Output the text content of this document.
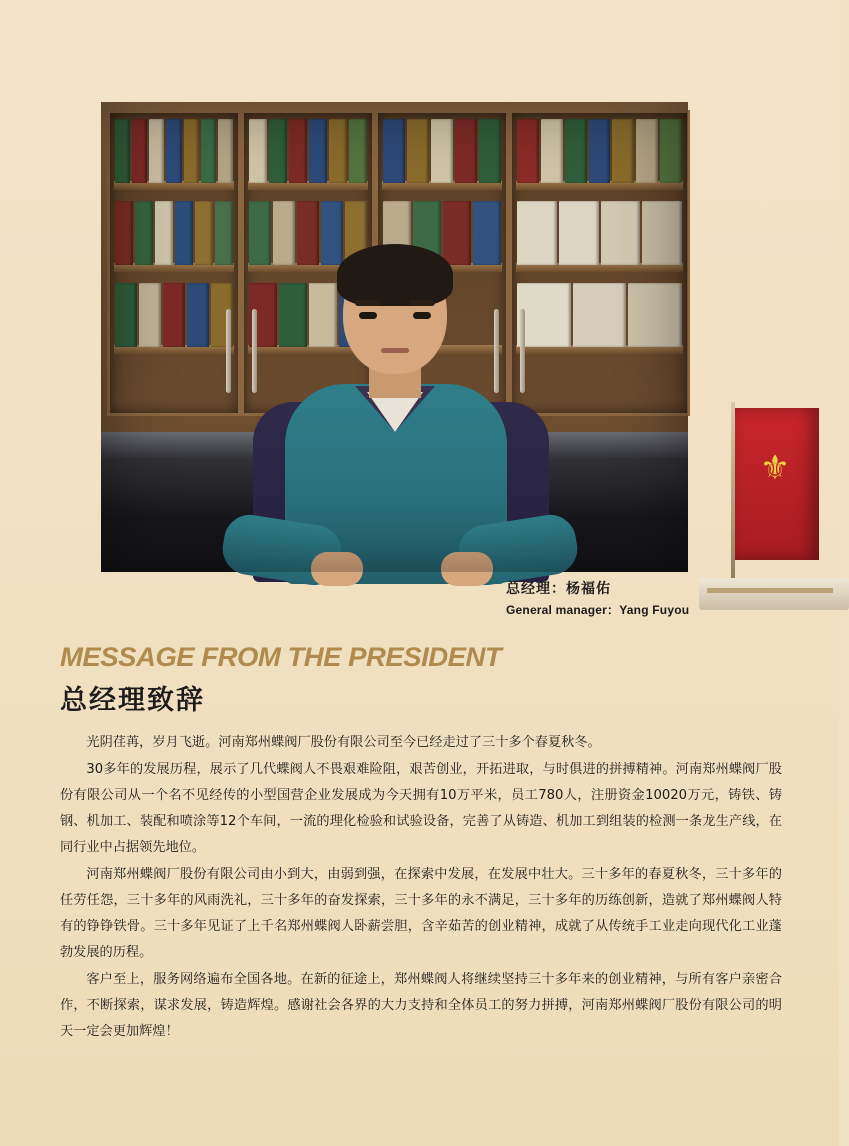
⚜
总经理：杨福佑
General manager：Yang Fuyou
MESSAGE FROM THE PRESIDENT
总经理致辞

光阴荏苒，岁月飞逝。河南郑州蝶阀厂股份有限公司至今已经走过了三十多个春夏秋冬。

30多年的发展历程，展示了几代蝶阀人不畏艰难险阻，艰苦创业，开拓进取，与时俱进的拼搏精神。河南郑州蝶阀厂股份有限公司从一个名不见经传的小型国营企业发展成为今天拥有10万平米，员工780人，注册资金10020万元，铸铁、铸钢、机加工、装配和喷涂等12个车间，一流的理化检验和试验设备，完善了从铸造、机加工到组装的检测一条龙生产线，在同行业中占据领先地位。

河南郑州蝶阀厂股份有限公司由小到大，由弱到强，在探索中发展，在发展中壮大。三十多年的春夏秋冬，三十多年的任劳任怨，三十多年的风雨洗礼，三十多年的奋发探索，三十多年的永不满足，三十多年的历练创新，造就了郑州蝶阀人特有的铮铮铁骨。三十多年见证了上千名郑州蝶阀人卧薪尝胆，含辛茹苦的创业精神，成就了从传统手工业走向现代化工业蓬勃发展的历程。

客户至上，服务网络遍布全国各地。在新的征途上，郑州蝶阀人将继续坚持三十多年来的创业精神，与所有客户亲密合作，不断探索，谋求发展，铸造辉煌。感谢社会各界的大力支持和全体员工的努力拼搏，河南郑州蝶阀厂股份有限公司的明天一定会更加辉煌！
